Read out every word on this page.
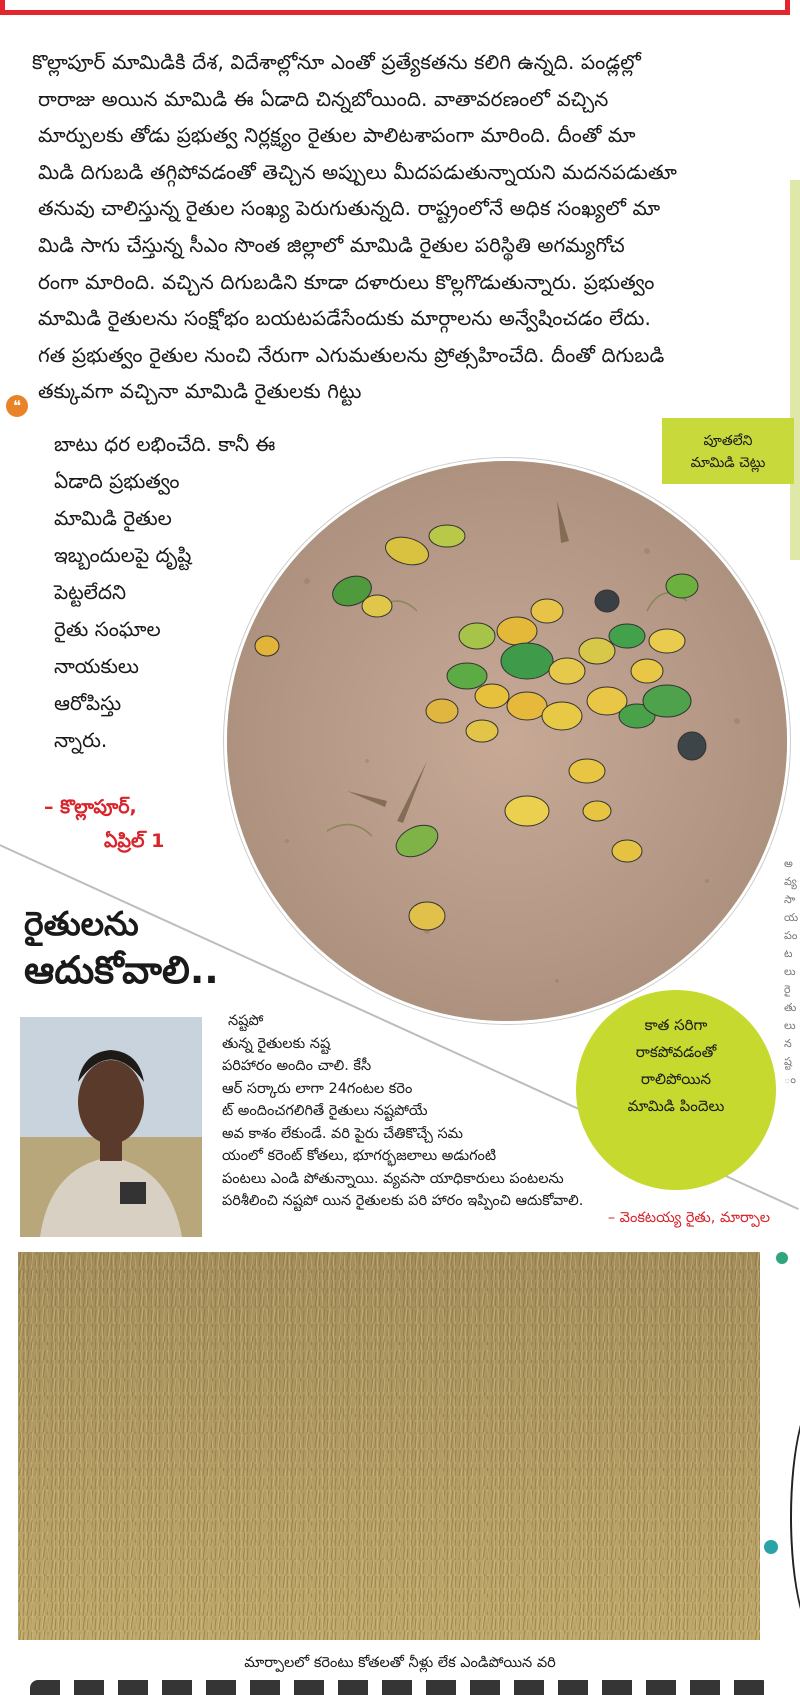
కొల్లాపూర్ మామిడికి దేశ, విదేశాల్లోనూ ఎంతో ప్రత్యేకతను కలిగి ఉన్నది. పండ్లల్లో
రారాజు అయిన మామిడి ఈ ఏడాది చిన్నబోయింది. వాతావరణంలో వచ్చిన
మార్పులకు తోడు ప్రభుత్వ నిర్లక్ష్యం రైతుల పాలిటశాపంగా మారింది. దీంతో మా
మిడి దిగుబడి తగ్గిపోవడంతో తెచ్చిన అప్పులు మీదపడుతున్నాయని మదనపడుతూ
తనువు చాలిస్తున్న రైతుల సంఖ్య పెరుగుతున్నది. రాష్ట్రంలోనే అధిక సంఖ్యలో మా
మిడి సాగు చేస్తున్న సీఎం సొంత జిల్లాలో మామిడి రైతుల పరిస్థితి అగమ్యగోచ
రంగా మారింది. వచ్చిన దిగుబడిని కూడా దళారులు కొల్లగొడుతున్నారు. ప్రభుత్వం
మామిడి రైతులను సంక్షోభం బయటపడేసేందుకు మార్గాలను అన్వేషించడం లేదు.
గత ప్రభుత్వం రైతుల నుంచి నేరుగా ఎగుమతులను ప్రోత్సహించేది. దీంతో దిగుబడి
తక్కువగా వచ్చినా మామిడి రైతులకు గిట్టు
❝
బాటు ధర లభించేది. కానీ ఈ
ఏడాది ప్రభుత్వం
మామిడి రైతుల
ఇబ్బందులపై దృష్టి
పెట్టలేదని
రైతు సంఘాల
నాయకులు
ఆరోపిస్తు
న్నారు.
– కొల్లాపూర్,
ఏప్రిల్ 1
పూతలేని
మామిడి చెట్లు
రైతులను
ఆదుకోవాలి..
కాత సరిగా
రాకపోవడంతో
రాలిపోయిన
మామిడి పిందెలు
నష్టపో
తున్న రైతులకు నష్ట
పరిహారం అందిం చాలి. కేసీ
ఆర్ సర్కారు లాగా 24గంటల కరెం
ట్ అందించగలిగితే రైతులు నష్టపోయే
అవ కాశం లేకుండే. వరి పైరు చేతికొచ్చే సమ
యంలో కరెంట్ కోతలు, భూగర్భజలాలు అడుగంటి
పంటలు ఎండి పోతున్నాయి. వ్యవసా యాధికారులు పంటలను
పరిశీలించి నష్టపో యిన రైతులకు పరి హారం ఇప్పించి ఆదుకోవాలి.
– వెంకటయ్య రైతు, మార్పాల
అ వ్య సా య పం ట లు రై తు లు న ష్ట ం
మార్పాలలో కరెంటు కోతలతో నీళ్లు లేక ఎండిపోయిన వరి
